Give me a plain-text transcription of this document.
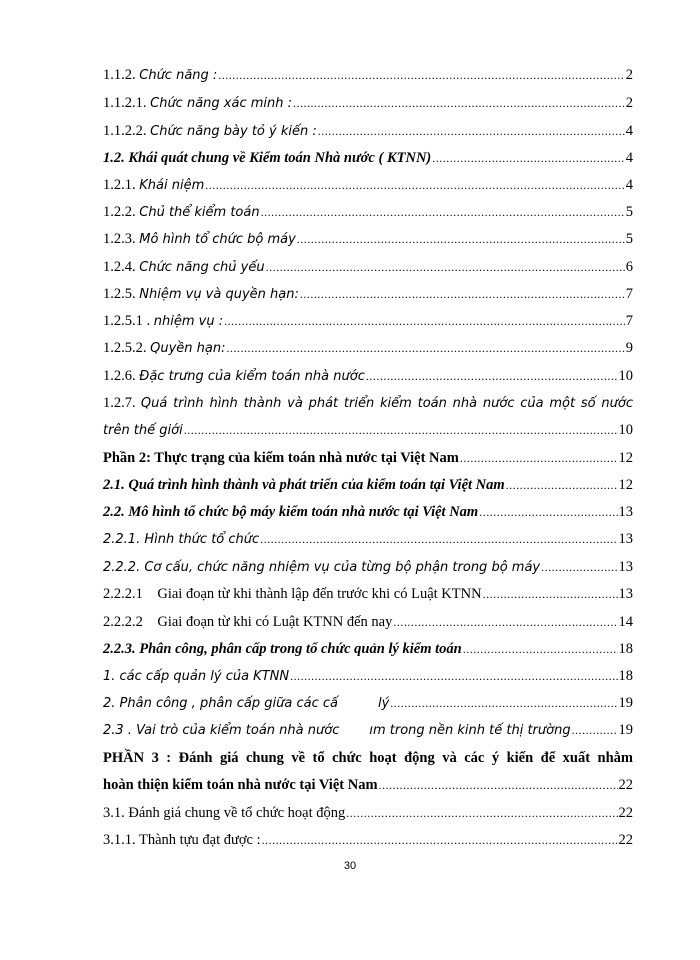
1.1.2. Chức năng : .....	2
1.1.2.1. Chức năng xác minh : .....	2
1.1.2.2. Chức năng bày tỏ ý kiến : .....	4
1.2. Khái quát chung về Kiểm toán Nhà nước ( KTNN) .....	4
1.2.1. Khái niệm .....	4
1.2.2. Chủ thể kiểm toán .....	5
1.2.3. Mô hình tổ chức bộ máy .....	5
1.2.4. Chức năng chủ yếu .....	6
1.2.5. Nhiệm vụ và quyền hạn: .....	7
1.2.5.1 . nhiệm vụ : .....	7
1.2.5.2. Quyền hạn: .....	9
1.2.6. Đặc trưng của kiểm toán nhà nước .....	10
1.2.7. Quá trình hình thành và phát triển kiểm toán nhà nước của một số nước
trên thế giới .....	10
Phần 2: Thực trạng của kiểm toán nhà nước tại Việt Nam .....	12
2.1. Quá trình hình thành và phát triển của kiểm toán tại Việt Nam .....	12
2.2. Mô hình tổ chức bộ máy kiểm toán nhà nước tại Việt Nam .....	13
2.2.1. Hình thức tổ chức .....	13
2.2.2. Cơ cấu, chức năng nhiệm vụ của từng bộ phận trong bộ máy .....	13
2.2.2.1    Giai đoạn từ khi thành lập đến trước khi có Luật KTNN .....	13
2.2.2.2    Giai đoạn từ khi có Luật KTNN đến nay .....	14
2.2.3. Phân công, phân cấp trong tổ chức quản lý kiểm toán .....	18
1. các cấp quản lý của KTNN .....	18
2. Phân công , phân cấp giữa các cấ	lý .....	19
2.3 . Vai trò của kiểm toán nhà nước ım trong nền kinh tế thị trường .....	19
PHẦN 3 : Đánh giá chung về tổ chức hoạt động và các ý kiến để xuất nhằm
hoàn thiện kiểm toán nhà nước tại Việt Nam .....	22
3.1. Đánh giá chung về tổ chức hoạt động .....	22
3.1.1. Thành tựu đạt được : .....	22
30
